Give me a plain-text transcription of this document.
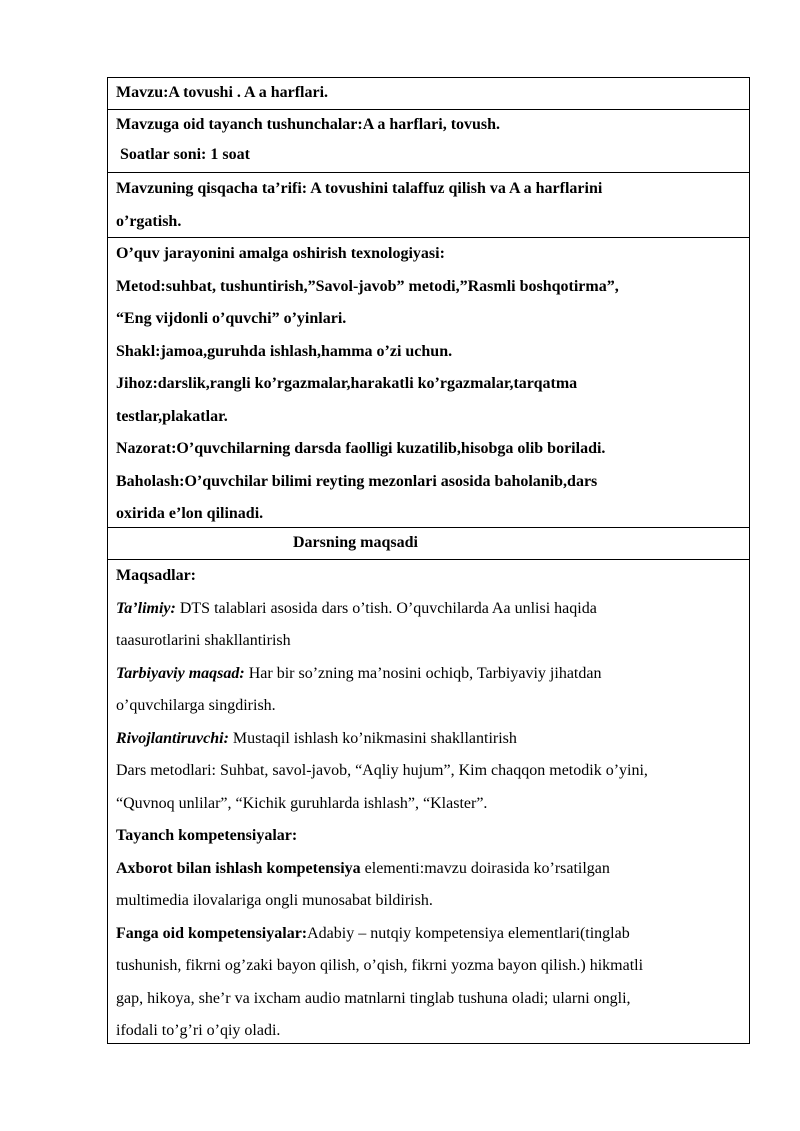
Mavzu:A tovushi . A a harflari.
Mavzuga oid tayanch tushunchalar:A a harflari, tovush.
Soatlar soni: 1 soat
Mavzuning qisqacha ta’rifi: A tovushini talaffuz qilish va A a harflarini
o’rgatish.
O’quv jarayonini amalga oshirish texnologiyasi:
Metod:suhbat, tushuntirish,”Savol-javob” metodi,”Rasmli boshqotirma”,
“Eng vijdonli o’quvchi” o’yinlari.
Shakl:jamoa,guruhda ishlash,hamma o’zi uchun.
Jihoz:darslik,rangli ko’rgazmalar,harakatli ko’rgazmalar,tarqatma
testlar,plakatlar.
Nazorat:O’quvchilarning darsda faolligi kuzatilib,hisobga olib boriladi.
Baholash:O’quvchilar bilimi reyting mezonlari asosida baholanib,dars
oxirida e’lon qilinadi.
Darsning maqsadi
Maqsadlar:
Ta’limiy: DTS talablari asosida dars o’tish. O’quvchilarda Aa unlisi haqida
taasurotlarini shakllantirish
Tarbiyaviy maqsad: Har bir so’zning ma’nosini ochiqb, Tarbiyaviy jihatdan
o’quvchilarga singdirish.
Rivojlantiruvchi: Mustaqil ishlash ko’nikmasini shakllantirish
Dars metodlari: Suhbat, savol-javob, “Aqliy hujum”, Kim chaqqon metodik o’yini,
“Quvnoq unlilar”, “Kichik guruhlarda ishlash”, “Klaster”.
Tayanch kompetensiyalar:
Axborot bilan ishlash kompetensiya elementi:mavzu doirasida ko’rsatilgan
multimedia ilovalariga ongli munosabat bildirish.
Fanga oid kompetensiyalar:Adabiy – nutqiy kompetensiya elementlari(tinglab
tushunish, fikrni og’zaki bayon qilish, o’qish, fikrni yozma bayon qilish.) hikmatli
gap, hikoya, she’r va ixcham audio matnlarni tinglab tushuna oladi; ularni ongli,
ifodali to’g’ri o’qiy oladi.
